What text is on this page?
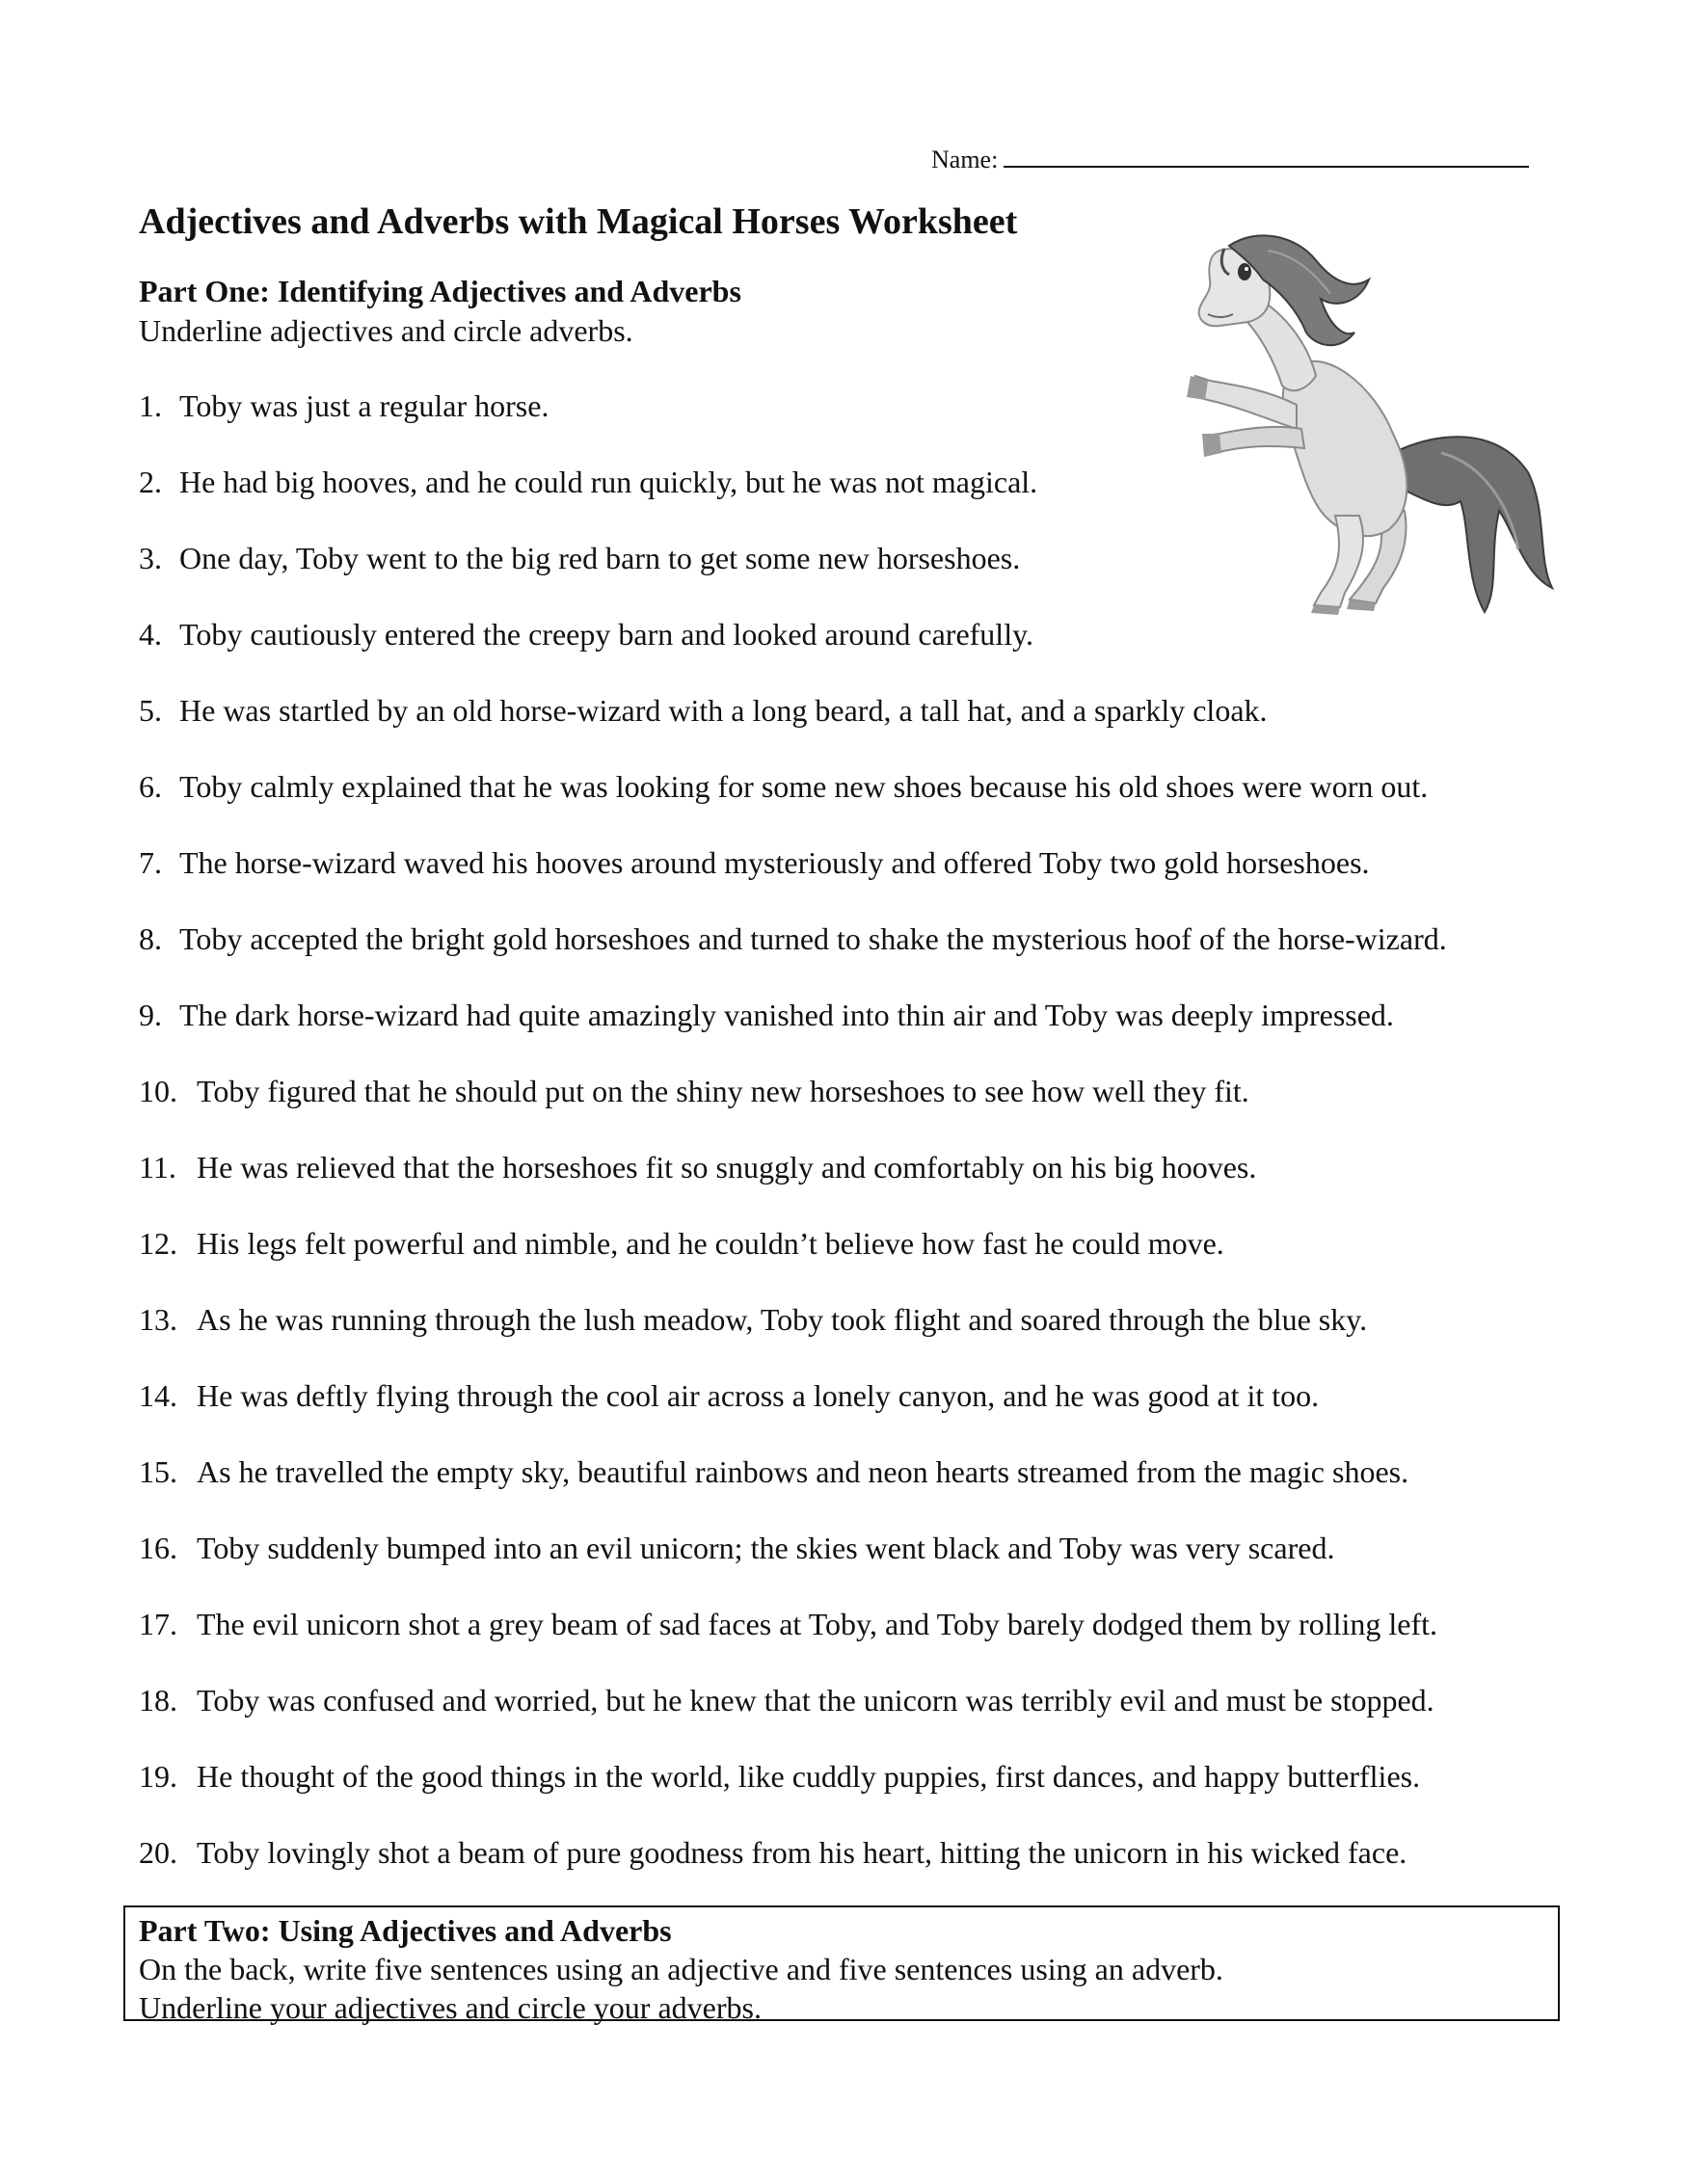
Name:
Adjectives and Adverbs with Magical Horses Worksheet
Part One: Identifying Adjectives and Adverbs
Underline adjectives and circle adverbs.
1. Toby was just a regular horse.
2. He had big hooves, and he could run quickly, but he was not magical.
3. One day, Toby went to the big red barn to get some new horseshoes.
4. Toby cautiously entered the creepy barn and looked around carefully.
5. He was startled by an old horse-wizard with a long beard, a tall hat, and a sparkly cloak.
6. Toby calmly explained that he was looking for some new shoes because his old shoes were worn out.
7. The horse-wizard waved his hooves around mysteriously and offered Toby two gold horseshoes.
8. Toby accepted the bright gold horseshoes and turned to shake the mysterious hoof of the horse-wizard.
9. The dark horse-wizard had quite amazingly vanished into thin air and Toby was deeply impressed.
10. Toby figured that he should put on the shiny new horseshoes to see how well they fit.
11. He was relieved that the horseshoes fit so snuggly and comfortably on his big hooves.
12. His legs felt powerful and nimble, and he couldn’t believe how fast he could move.
13. As he was running through the lush meadow, Toby took flight and soared through the blue sky.
14. He was deftly flying through the cool air across a lonely canyon, and he was good at it too.
15. As he travelled the empty sky, beautiful rainbows and neon hearts streamed from the magic shoes.
16. Toby suddenly bumped into an evil unicorn; the skies went black and Toby was very scared.
17. The evil unicorn shot a grey beam of sad faces at Toby, and Toby barely dodged them by rolling left.
18. Toby was confused and worried, but he knew that the unicorn was terribly evil and must be stopped.
19. He thought of the good things in the world, like cuddly puppies, first dances, and happy butterflies.
20. Toby lovingly shot a beam of pure goodness from his heart, hitting the unicorn in his wicked face.
Part Two: Using Adjectives and Adverbs
On the back, write five sentences using an adjective and five sentences using an adverb.
Underline your adjectives and circle your adverbs.
